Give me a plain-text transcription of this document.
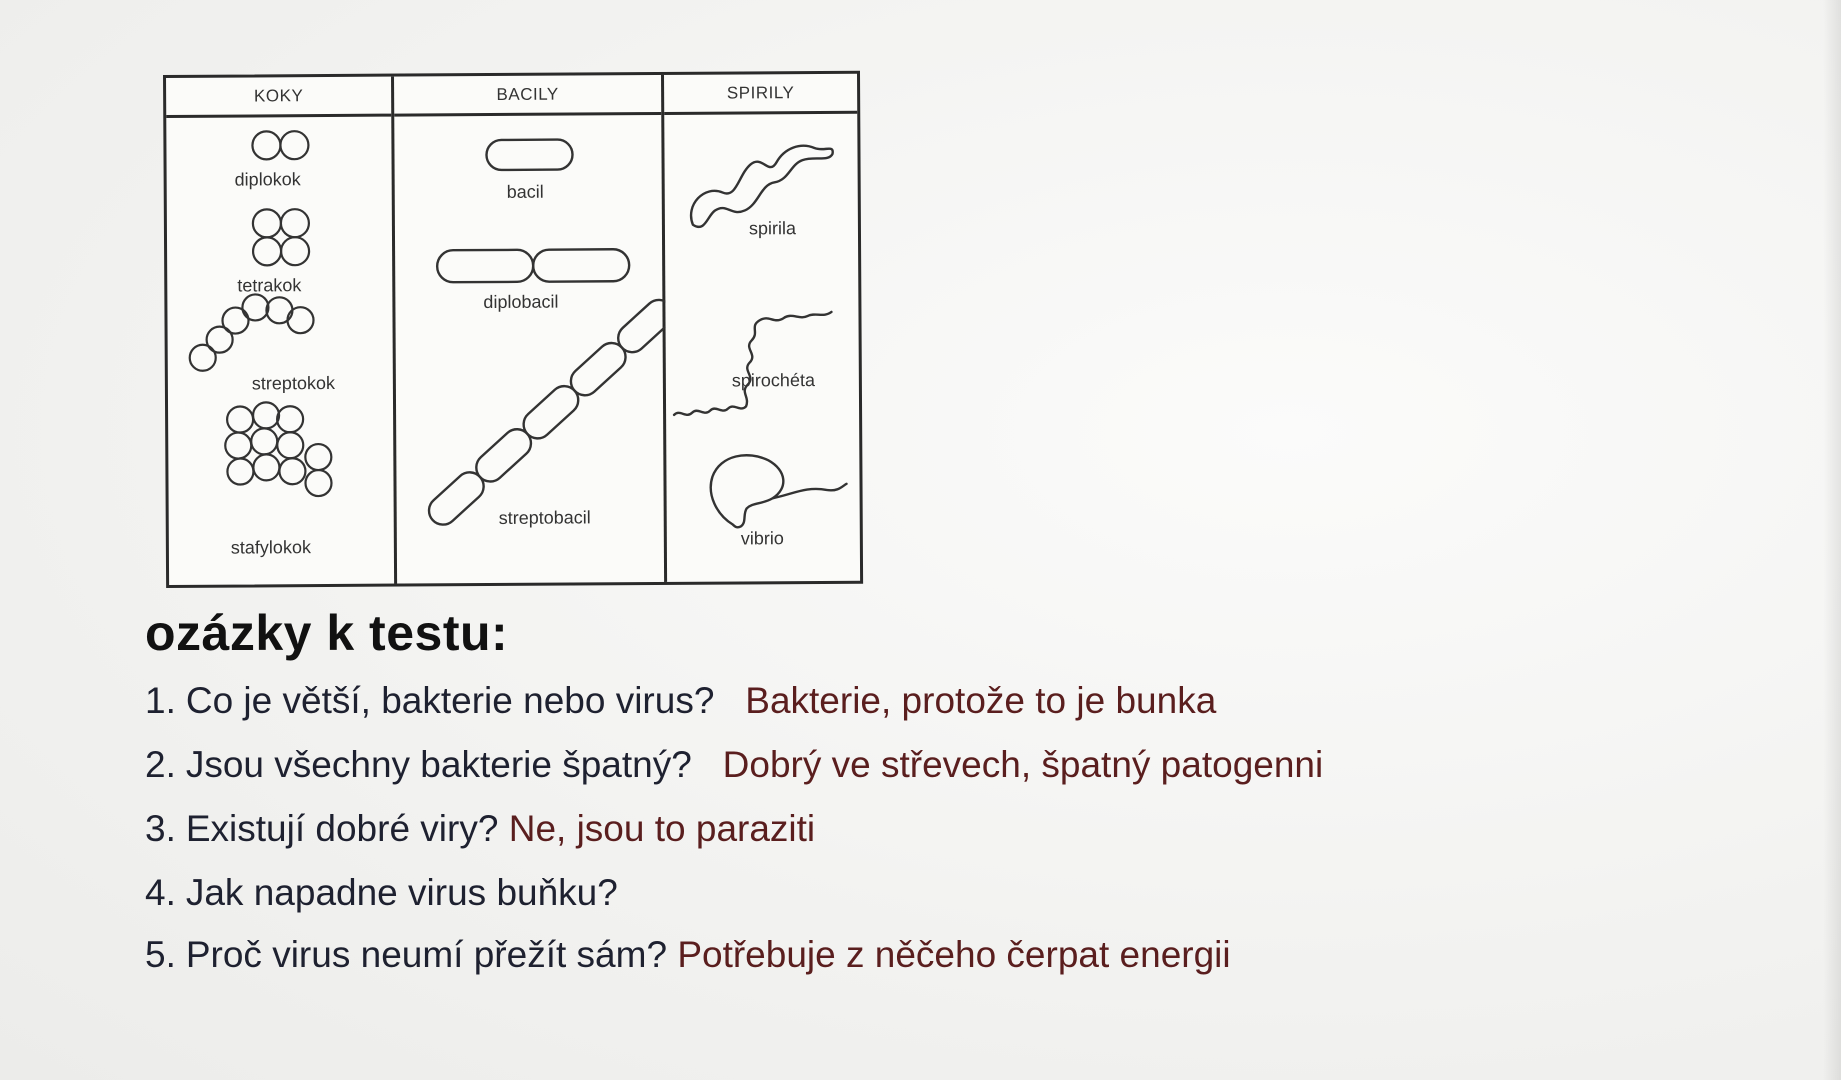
KOKY
diplokok
tetrakok
streptokok
stafylokok
BACILY
bacil
diplobacil
streptobacil
SPIRILY
spirila
spirochéta
vibrio
ozázky k testu:
1. Co je větší, bakterie nebo virus? Bakterie, protože to je bunka
2. Jsou všechny bakterie špatný? Dobrý ve střevech, špatný patogenni
3. Existují dobré viry? Ne, jsou to paraziti
4. Jak napadne virus buňku?
5. Proč virus neumí přežít sám? Potřebuje z něčeho čerpat energii
